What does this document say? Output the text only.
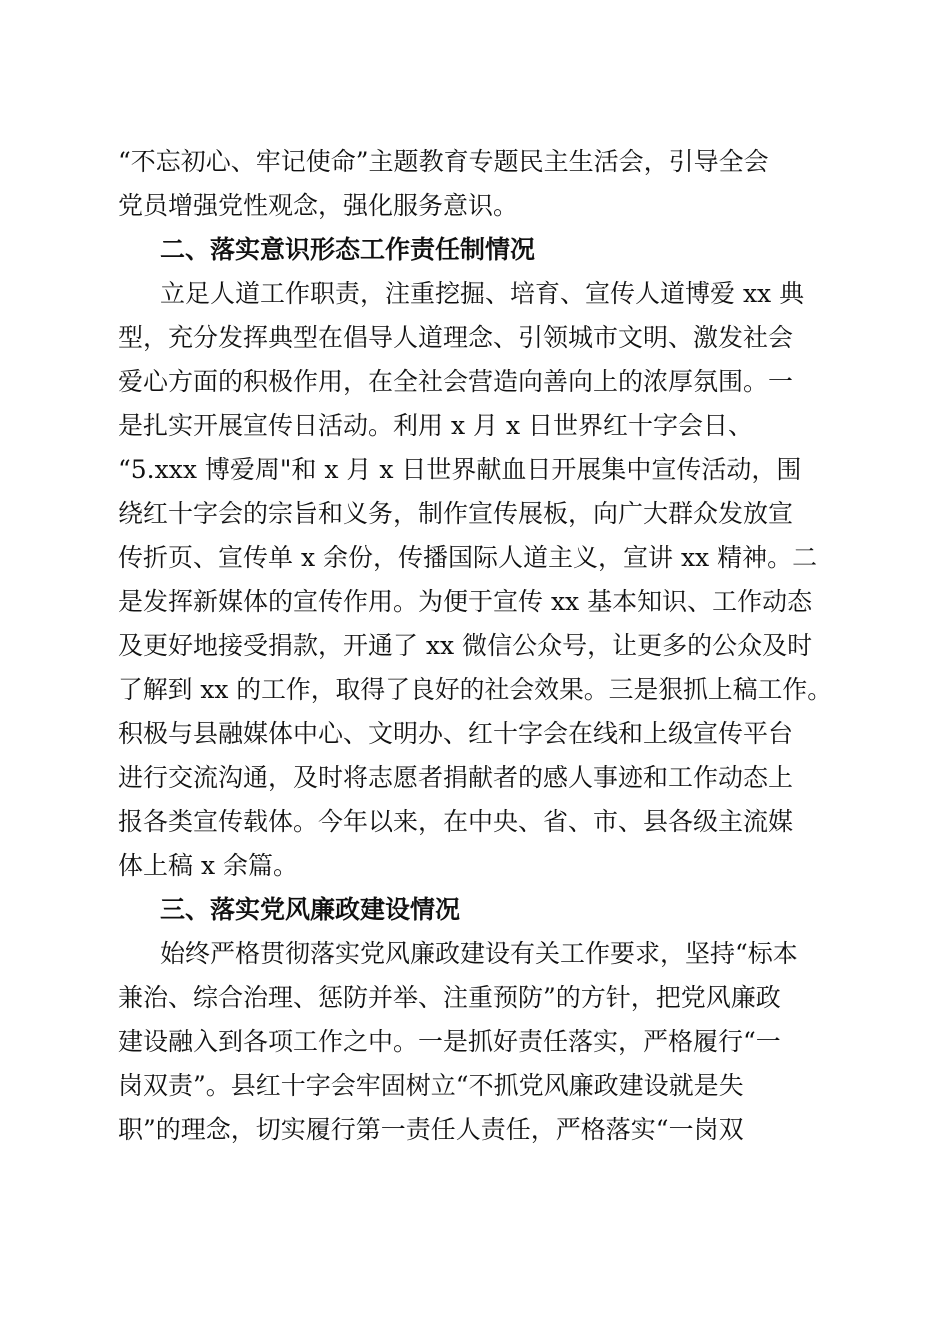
“不忘初心、牢记使命”主题教育专题民主生活会，引导全会
党员增强党性观念，强化服务意识。
二、落实意识形态工作责任制情况
立足人道工作职责，注重挖掘、培育、宣传人道博爱 xx 典
型，充分发挥典型在倡导人道理念、引领城市文明、激发社会
爱心方面的积极作用，在全社会营造向善向上的浓厚氛围。一
是扎实开展宣传日活动。利用 x 月 x 日世界红十字会日、
“5.xxx 博爱周"和 x 月 x 日世界献血日开展集中宣传活动，围
绕红十字会的宗旨和义务，制作宣传展板，向广大群众发放宣
传折页、宣传单 x 余份，传播国际人道主义，宣讲 xx 精神。二
是发挥新媒体的宣传作用。为便于宣传 xx 基本知识、工作动态
及更好地接受捐款，开通了 xx 微信公众号，让更多的公众及时
了解到 xx 的工作，取得了良好的社会效果。三是狠抓上稿工作。
积极与县融媒体中心、文明办、红十字会在线和上级宣传平台
进行交流沟通，及时将志愿者捐献者的感人事迹和工作动态上
报各类宣传载体。今年以来，在中央、省、市、县各级主流媒
体上稿 x 余篇。
三、落实党风廉政建设情况
始终严格贯彻落实党风廉政建设有关工作要求，坚持“标本
兼治、综合治理、惩防并举、注重预防”的方针，把党风廉政
建设融入到各项工作之中。一是抓好责任落实，严格履行“一
岗双责”。县红十字会牢固树立“不抓党风廉政建设就是失
职”的理念，切实履行第一责任人责任，严格落实“一岗双
